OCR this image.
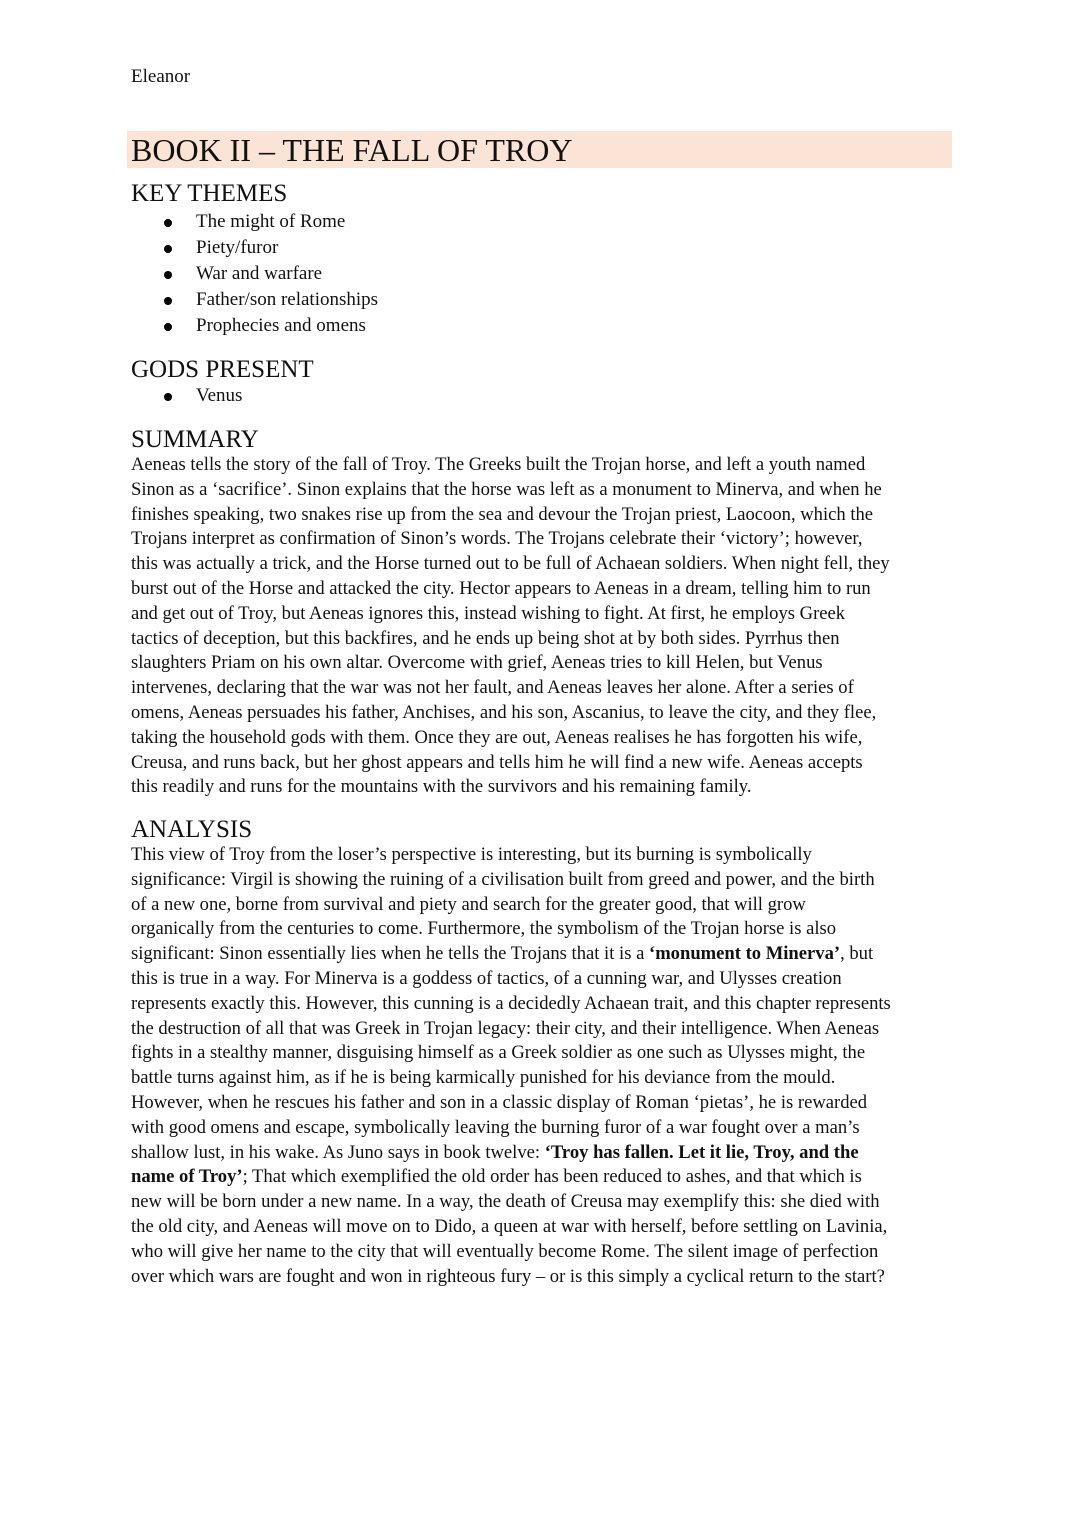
Eleanor
BOOK II – THE FALL OF TROY
KEY THEMES
The might of Rome
Piety/furor
War and warfare
Father/son relationships
Prophecies and omens
GODS PRESENT
Venus
SUMMARY
Aeneas tells the story of the fall of Troy. The Greeks built the Trojan horse, and left a youth named
Sinon as a ‘sacrifice’. Sinon explains that the horse was left as a monument to Minerva, and when he
finishes speaking, two snakes rise up from the sea and devour the Trojan priest, Laocoon, which the
Trojans interpret as confirmation of Sinon’s words. The Trojans celebrate their ‘victory’; however,
this was actually a trick, and the Horse turned out to be full of Achaean soldiers. When night fell, they
burst out of the Horse and attacked the city. Hector appears to Aeneas in a dream, telling him to run
and get out of Troy, but Aeneas ignores this, instead wishing to fight. At first, he employs Greek
tactics of deception, but this backfires, and he ends up being shot at by both sides. Pyrrhus then
slaughters Priam on his own altar. Overcome with grief, Aeneas tries to kill Helen, but Venus
intervenes, declaring that the war was not her fault, and Aeneas leaves her alone. After a series of
omens, Aeneas persuades his father, Anchises, and his son, Ascanius, to leave the city, and they flee,
taking the household gods with them. Once they are out, Aeneas realises he has forgotten his wife,
Creusa, and runs back, but her ghost appears and tells him he will find a new wife. Aeneas accepts
this readily and runs for the mountains with the survivors and his remaining family.
ANALYSIS
This view of Troy from the loser’s perspective is interesting, but its burning is symbolically
significance: Virgil is showing the ruining of a civilisation built from greed and power, and the birth
of a new one, borne from survival and piety and search for the greater good, that will grow
organically from the centuries to come. Furthermore, the symbolism of the Trojan horse is also
significant: Sinon essentially lies when he tells the Trojans that it is a ‘monument to Minerva’, but
this is true in a way. For Minerva is a goddess of tactics, of a cunning war, and Ulysses creation
represents exactly this. However, this cunning is a decidedly Achaean trait, and this chapter represents
the destruction of all that was Greek in Trojan legacy: their city, and their intelligence. When Aeneas
fights in a stealthy manner, disguising himself as a Greek soldier as one such as Ulysses might, the
battle turns against him, as if he is being karmically punished for his deviance from the mould.
However, when he rescues his father and son in a classic display of Roman ‘pietas’, he is rewarded
with good omens and escape, symbolically leaving the burning furor of a war fought over a man’s
shallow lust, in his wake. As Juno says in book twelve: ‘Troy has fallen. Let it lie, Troy, and the
name of Troy’; That which exemplified the old order has been reduced to ashes, and that which is
new will be born under a new name. In a way, the death of Creusa may exemplify this: she died with
the old city, and Aeneas will move on to Dido, a queen at war with herself, before settling on Lavinia,
who will give her name to the city that will eventually become Rome. The silent image of perfection
over which wars are fought and won in righteous fury – or is this simply a cyclical return to the start?
